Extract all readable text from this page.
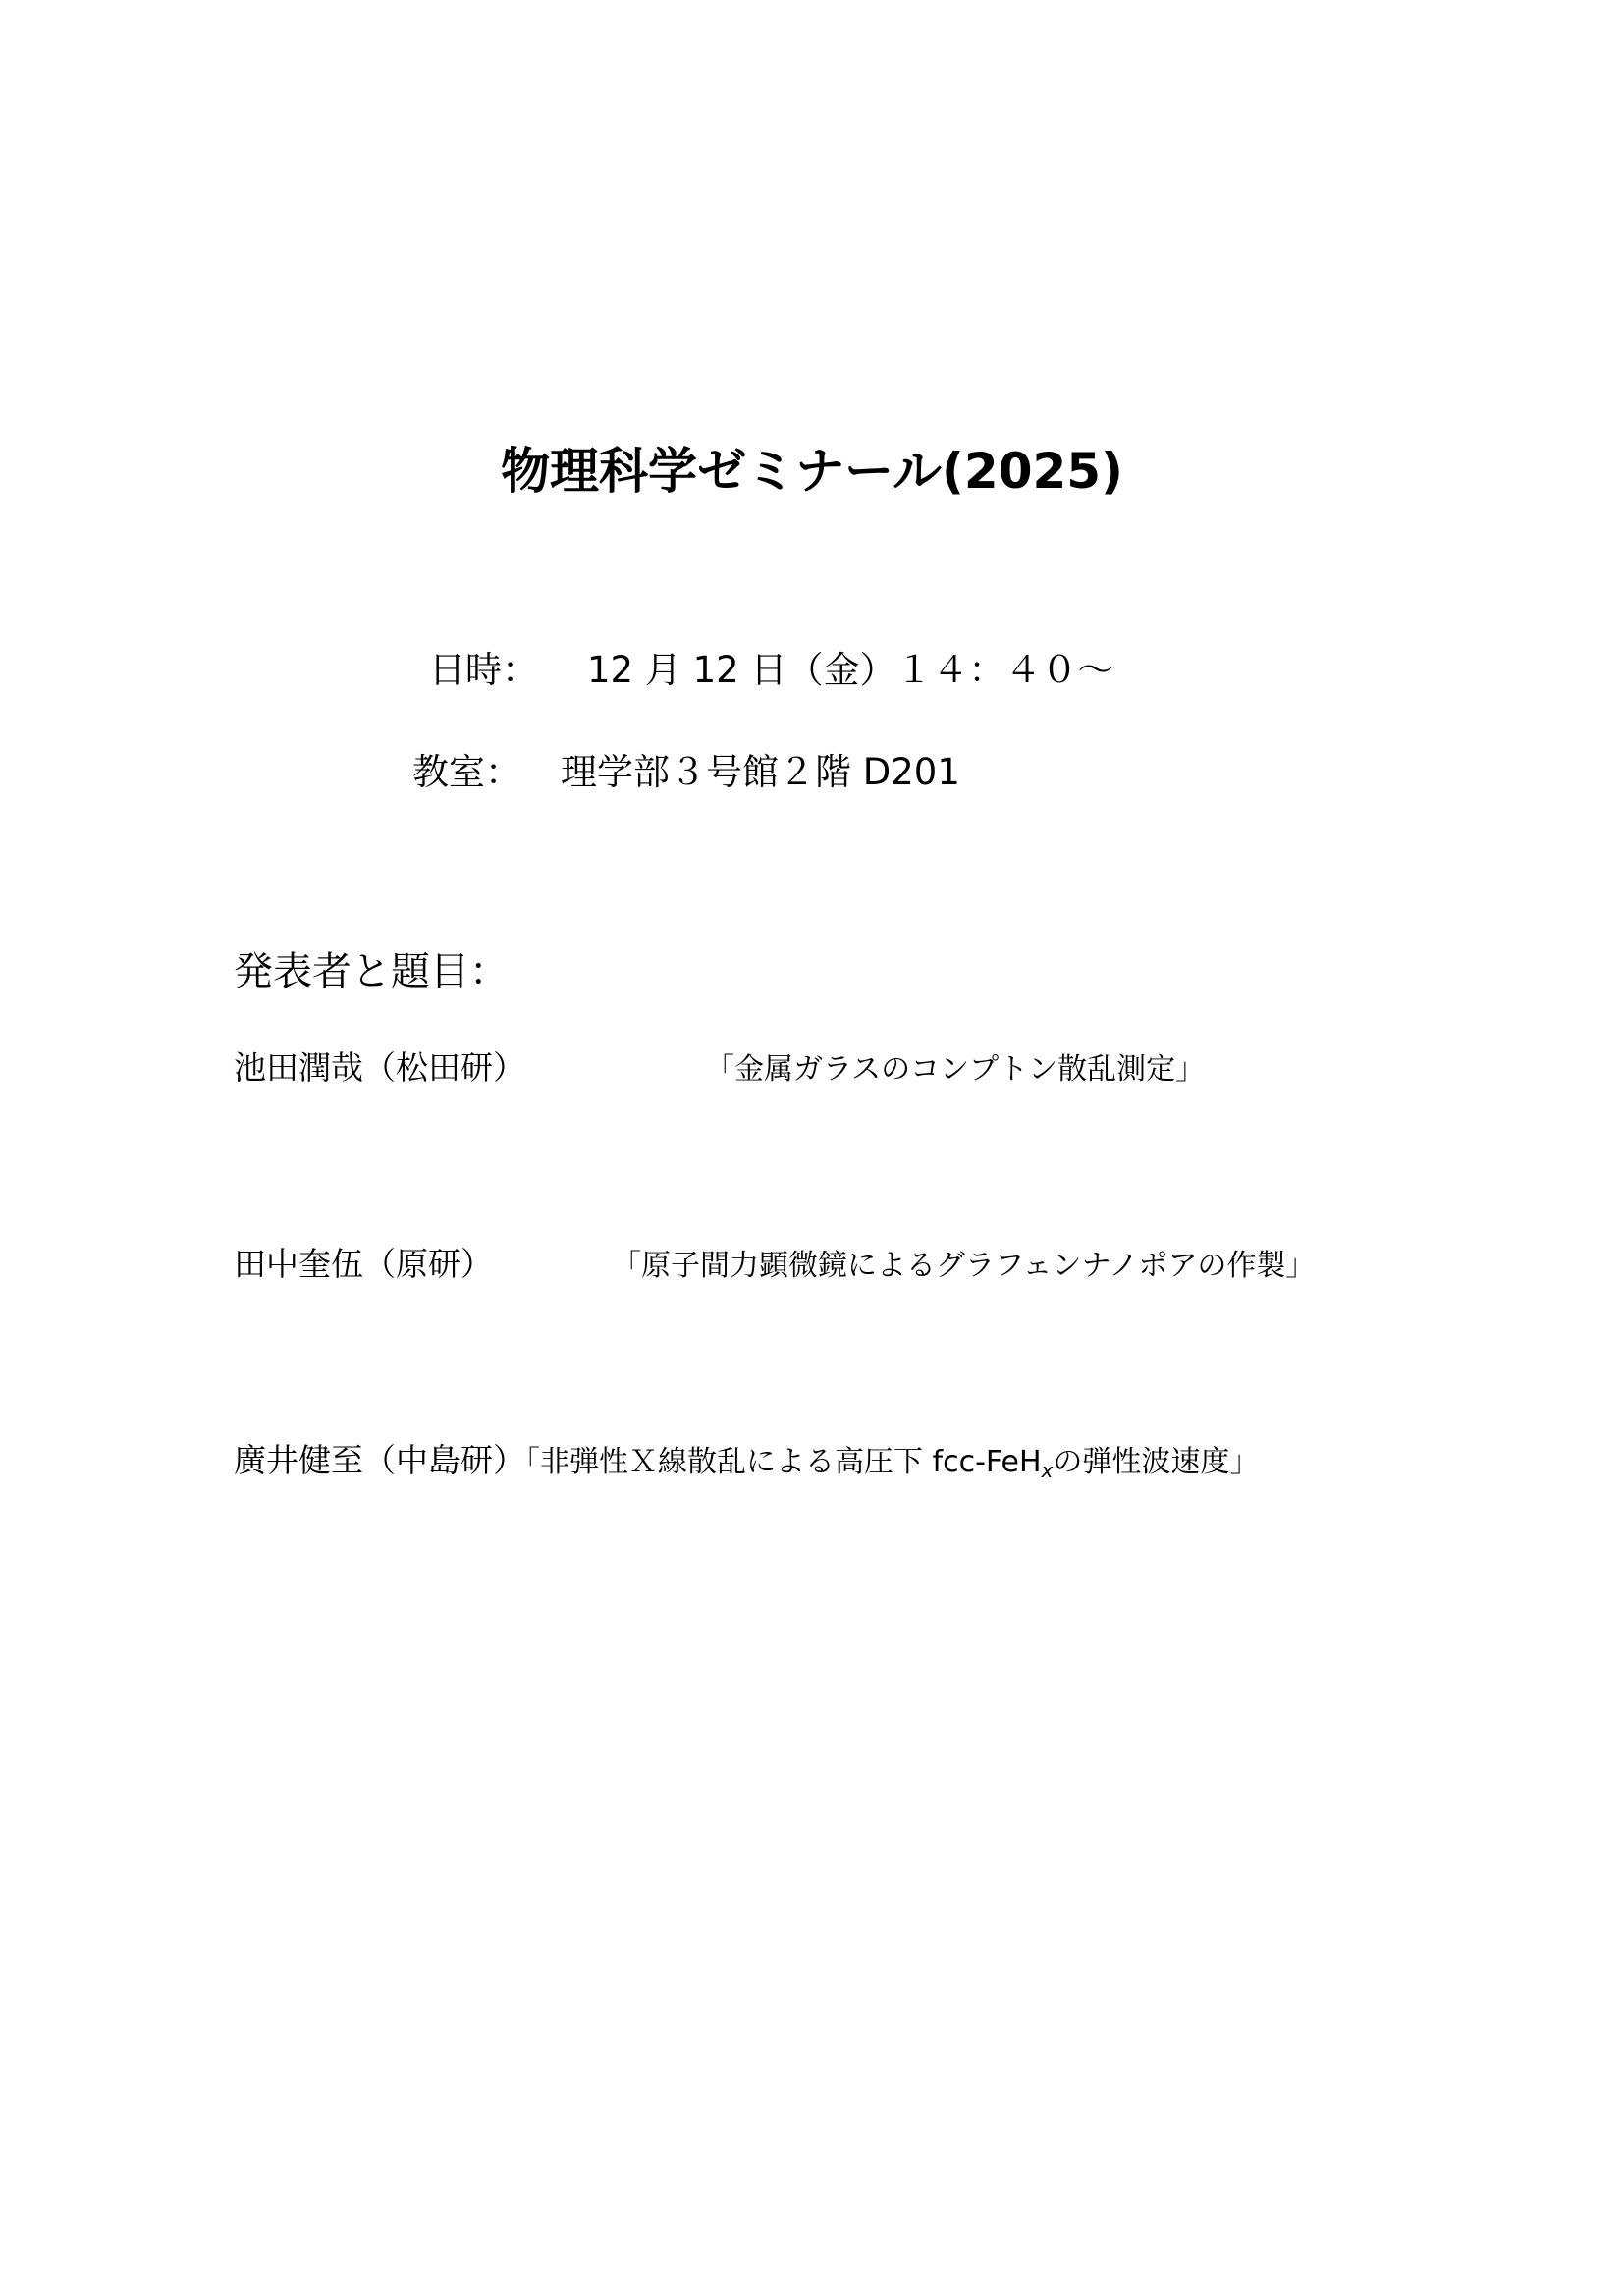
物理科学ゼミナール(2025)
日時： 12 月 12 日（金）１４：４０～
教室： 理学部３号館２階 D201
発表者と題目：
池田潤哉（松田研）	「金属ガラスのコンプトン散乱測定」
田中奎伍（原研）	「原子間力顕微鏡によるグラフェンナノポアの作製」
廣井健至（中島研）「非弾性Ｘ線散乱による高圧下 fcc-FeH$_x$の弾性波速度」
